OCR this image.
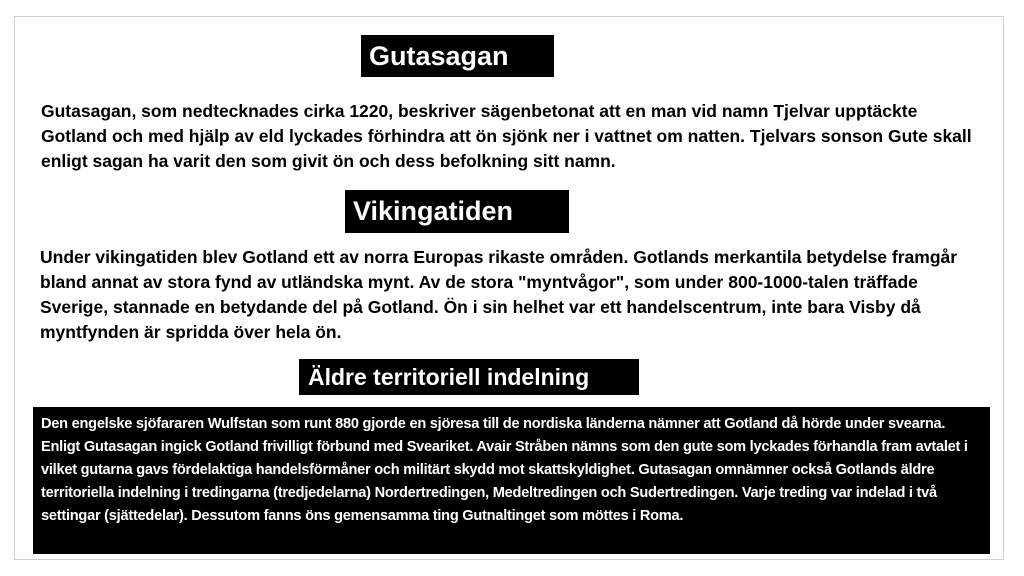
Gutasagan

Gutasagan, som nedtecknades cirka 1220, beskriver sägenbetonat att en man vid namn Tjelvar upptäckte Gotland och med hjälp av eld lyckades förhindra att ön sjönk ner i vattnet om natten. Tjelvars sonson Gute skall enligt sagan ha varit den som givit ön och dess befolkning sitt namn.

Vikingatiden

Under vikingatiden blev Gotland ett av norra Europas rikaste områden. Gotlands merkantila betydelse framgår bland annat av stora fynd av utländska mynt. Av de stora "myntvågor", som under 800-1000-talen träffade Sverige, stannade en betydande del på Gotland. Ön i sin helhet var ett handelscentrum, inte bara Visby då myntfynden är spridda över hela ön.

Äldre territoriell indelning

Den engelske sjöfararen Wulfstan som runt 880 gjorde en sjöresa till de nordiska länderna nämner att Gotland då hörde under svearna. Enligt Gutasagan ingick Gotland frivilligt förbund med Sveariket. Avair Stråben nämns som den gute som lyckades förhandla fram avtalet i vilket gutarna gavs fördelaktiga handelsförmåner och militärt skydd mot skattskyldighet. Gutasagan omnämner också Gotlands äldre territoriella indelning i tredingarna (tredjedelarna) Nordertredingen, Medeltredingen och Sudertredingen. Varje treding var indelad i två settingar (sjättedelar). Dessutom fanns öns gemensamma ting Gutnaltinget som möttes i Roma.
